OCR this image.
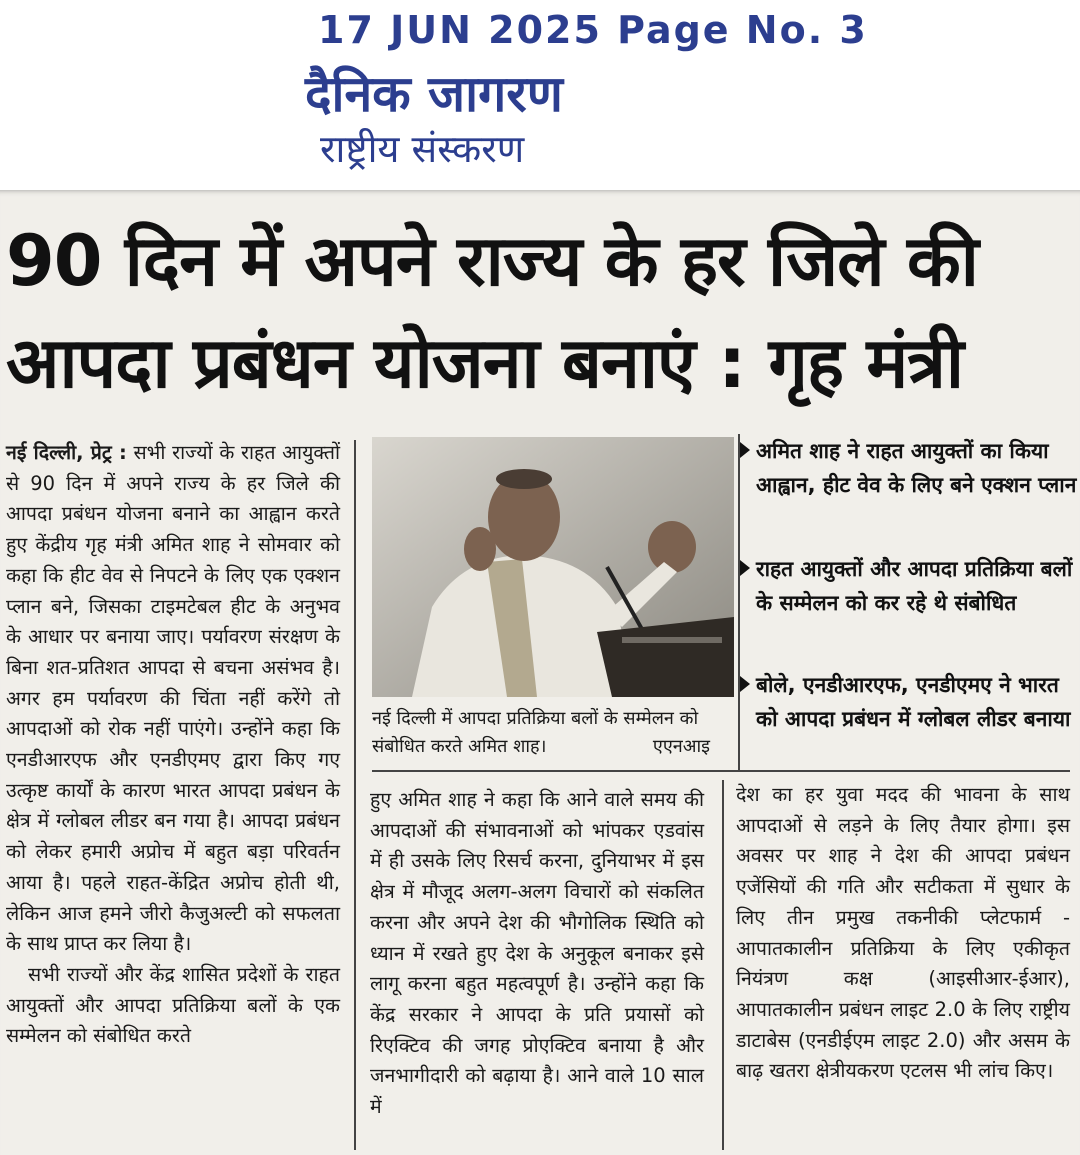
17 JUN 2025 Page No. 3
दैनिक जागरण
राष्ट्रीय संस्करण
90 दिन में अपने राज्य के हर जिले की
आपदा प्रबंधन योजना बनाएं : गृह मंत्री

नई दिल्ली, प्रेट्र : सभी राज्यों के राहत आयुक्तों से 90 दिन में अपने राज्य के हर जिले की आपदा प्रबंधन योजना बनाने का आह्वान करते हुए केंद्रीय गृह मंत्री अमित शाह ने सोमवार को कहा कि हीट वेव से निपटने के लिए एक एक्शन प्लान बने, जिसका टाइमटेबल हीट के अनुभव के आधार पर बनाया जाए। पर्यावरण संरक्षण के बिना शत-प्रतिशत आपदा से बचना असंभव है। अगर हम पर्यावरण की चिंता नहीं करेंगे तो आपदाओं को रोक नहीं पाएंगे। उन्होंने कहा कि एनडीआरएफ और एनडीएमए द्वारा किए गए उत्कृष्ट कार्यों के कारण भारत आपदा प्रबंधन के क्षेत्र में ग्लोबल लीडर बन गया है। आपदा प्रबंधन को लेकर हमारी अप्रोच में बहुत बड़ा परिवर्तन आया है। पहले राहत-केंद्रित अप्रोच होती थी, लेकिन आज हमने जीरो कैजुअल्टी को सफलता के साथ प्राप्त कर लिया है।

सभी राज्यों और केंद्र शासित प्रदेशों के राहत आयुक्तों और आपदा प्रतिक्रिया बलों के एक सम्मेलन को संबोधित करते

नई दिल्ली में आपदा प्रतिक्रिया बलों के सम्मेलन को संबोधित करते अमित शाह।	एएनआइ
अमित शाह ने राहत आयुक्तों का किया आह्वान, हीट वेव के लिए बने एक्शन प्लान
राहत आयुक्तों और आपदा प्रतिक्रिया बलों के सम्मेलन को कर रहे थे संबोधित
बोले, एनडीआरएफ, एनडीएमए ने भारत को आपदा प्रबंधन में ग्लोबल लीडर बनाया
हुए अमित शाह ने कहा कि आने वाले समय की आपदाओं की संभावनाओं को भांपकर एडवांस में ही उसके लिए रिसर्च करना, दुनियाभर में इस क्षेत्र में मौजूद अलग-अलग विचारों को संकलित करना और अपने देश की भौगोलिक स्थिति को ध्यान में रखते हुए देश के अनुकूल बनाकर इसे लागू करना बहुत महत्वपूर्ण है। उन्होंने कहा कि केंद्र सरकार ने आपदा के प्रति प्रयासों को रिएक्टिव की जगह प्रोएक्टिव बनाया है और जनभागीदारी को बढ़ाया है। आने वाले 10 साल में
देश का हर युवा मदद की भावना के साथ आपदाओं से लड़ने के लिए तैयार होगा। इस अवसर पर शाह ने देश की आपदा प्रबंधन एजेंसियों की गति और सटीकता में सुधार के लिए तीन प्रमुख तकनीकी प्लेटफार्म - आपातकालीन प्रतिक्रिया के लिए एकीकृत नियंत्रण कक्ष (आइसीआर-ईआर), आपातकालीन प्रबंधन लाइट 2.0 के लिए राष्ट्रीय डाटाबेस (एनडीईएम लाइट 2.0) और असम के बाढ़ खतरा क्षेत्रीयकरण एटलस भी लांच किए।
